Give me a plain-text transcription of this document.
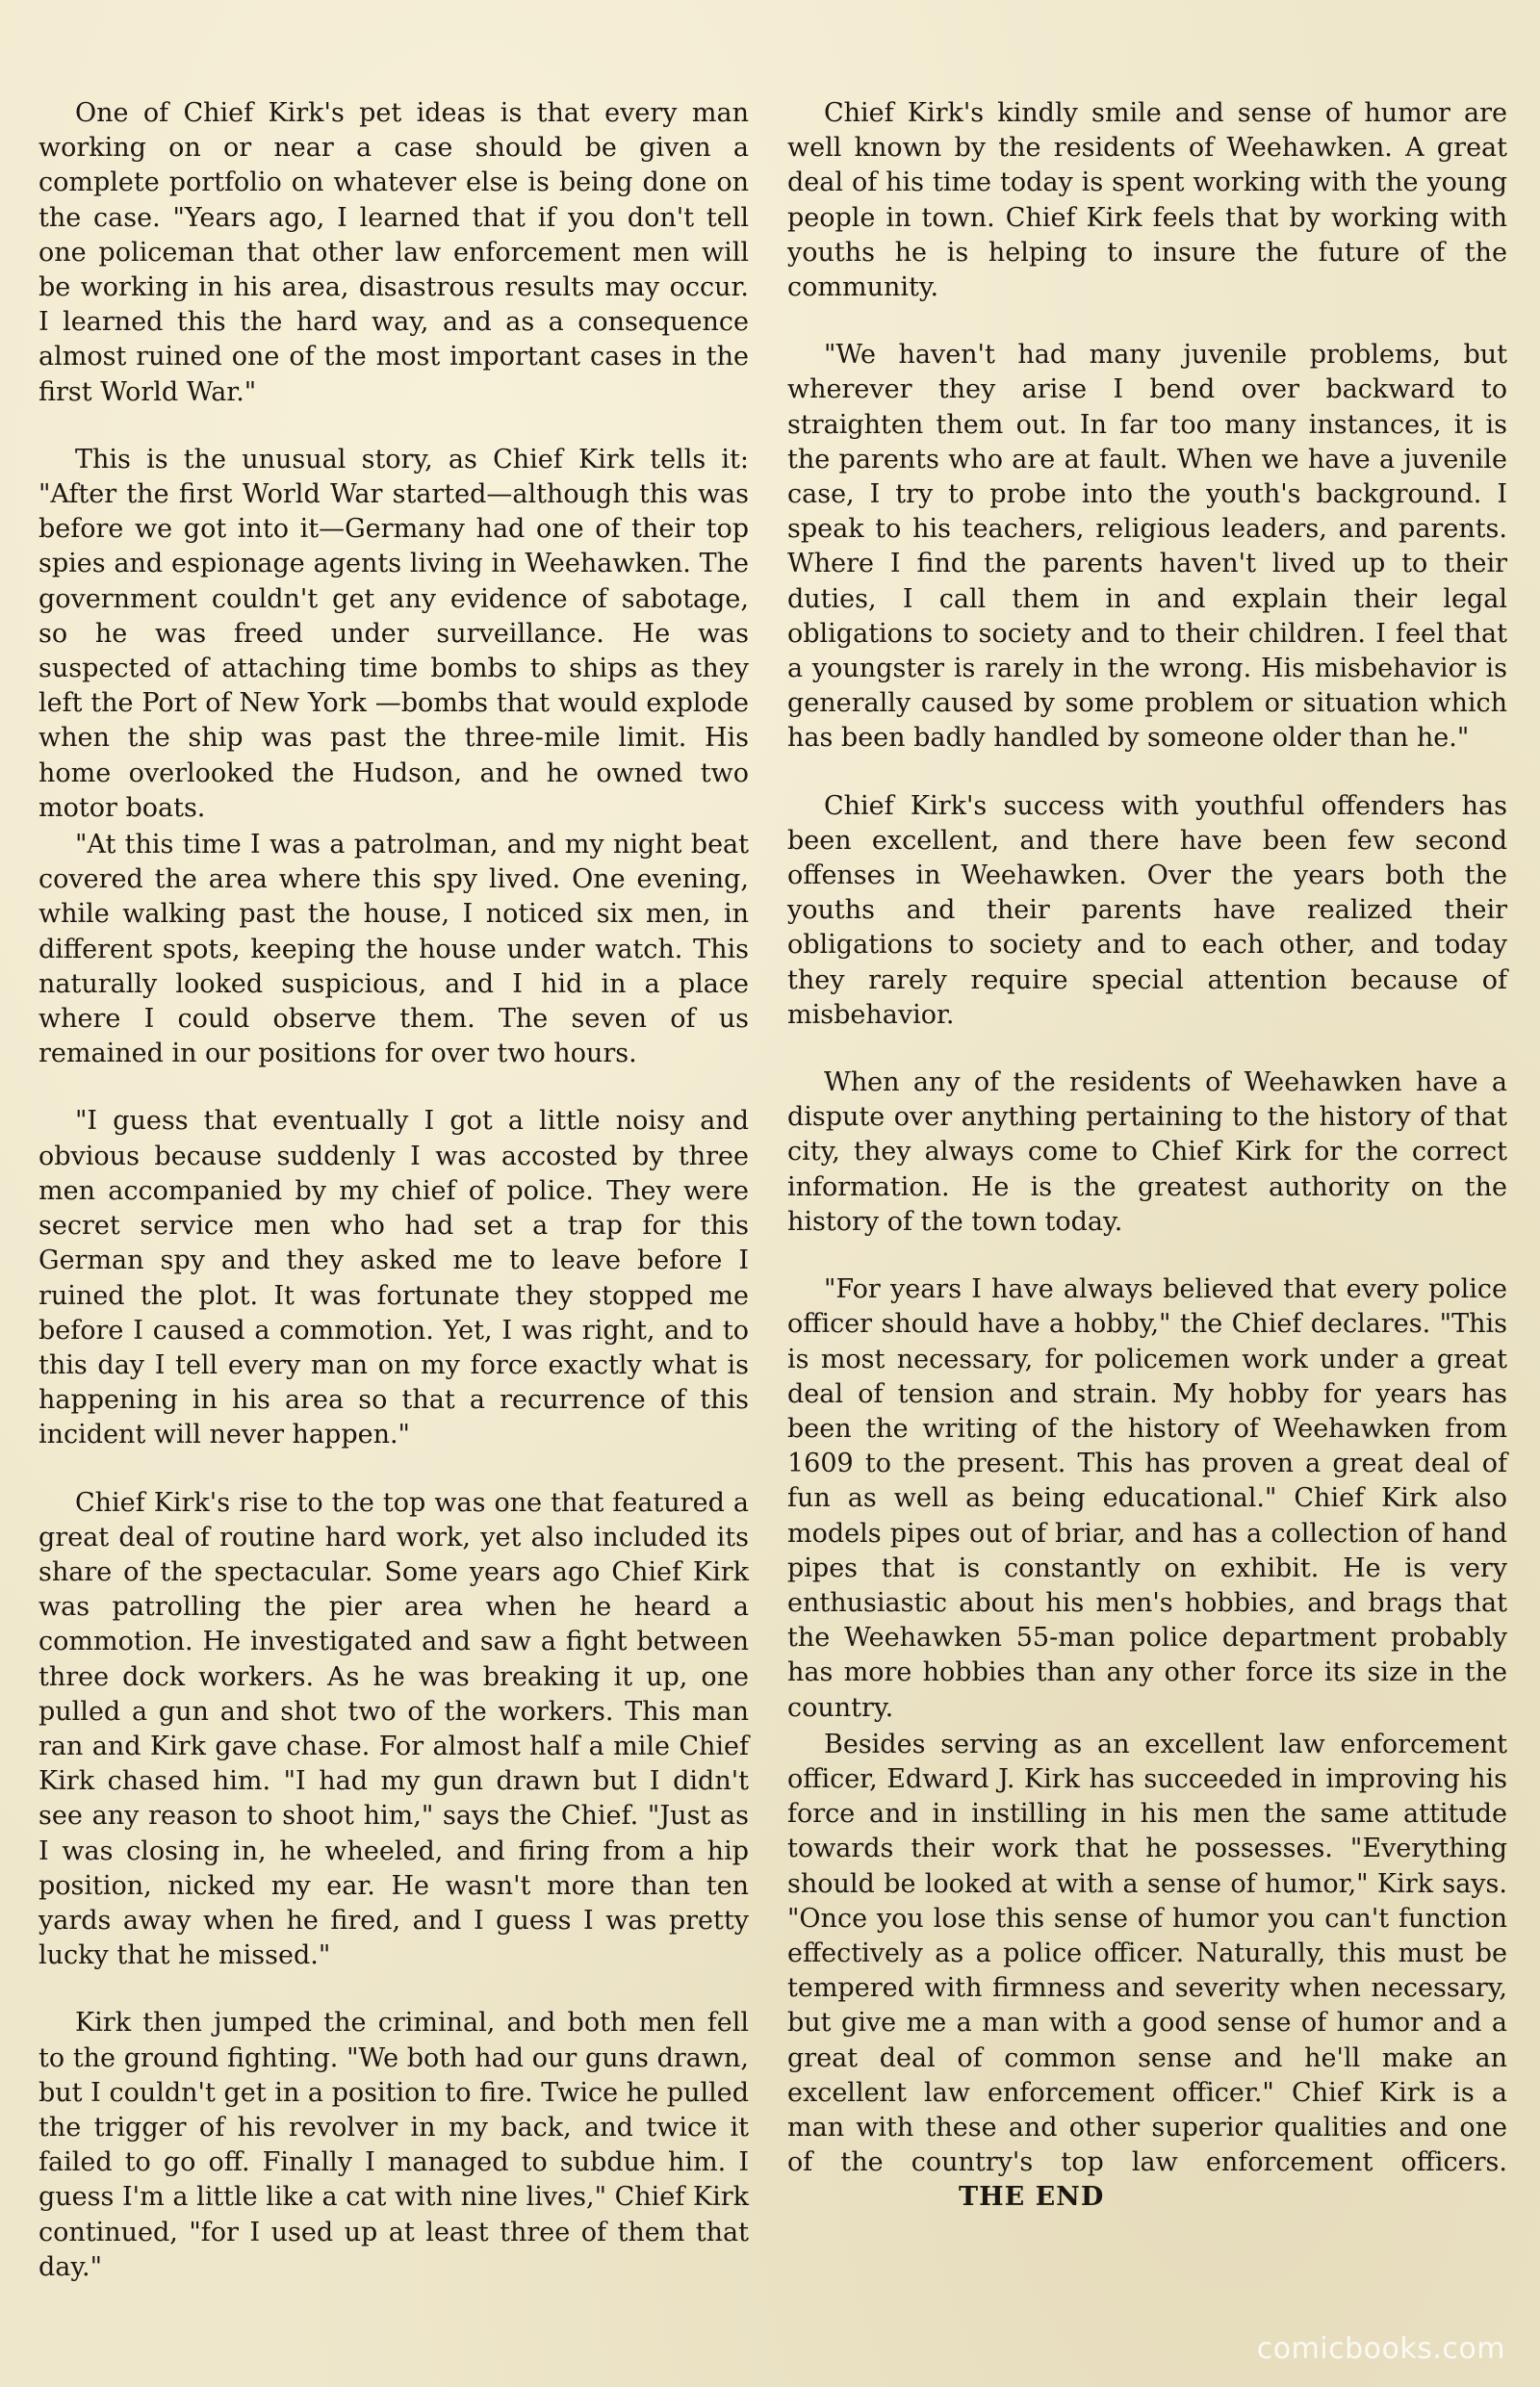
One of Chief Kirk's pet ideas is that every man working on or near a case should be given a complete portfolio on whatever else is being done on the case. "Years ago, I learned that if you don't tell one policeman that other law enforcement men will be working in his area, disastrous results may occur. I learned this the hard way, and as a consequence almost ruined one of the most important cases in the first World War."

This is the unusual story, as Chief Kirk tells it: "After the first World War started—although this was before we got into it—Germany had one of their top spies and espionage agents living in Weehawken. The government couldn't get any evidence of sabotage, so he was freed under surveillance. He was suspected of attaching time bombs to ships as they left the Port of New York —bombs that would explode when the ship was past the three-mile limit. His home overlooked the Hudson, and he owned two motor boats.

"At this time I was a patrolman, and my night beat covered the area where this spy lived. One evening, while walking past the house, I noticed six men, in different spots, keeping the house under watch. This naturally looked suspicious, and I hid in a place where I could observe them. The seven of us remained in our positions for over two hours.

"I guess that eventually I got a little noisy and obvious because suddenly I was accosted by three men accompanied by my chief of police. They were secret service men who had set a trap for this German spy and they asked me to leave before I ruined the plot. It was fortunate they stopped me before I caused a commotion. Yet, I was right, and to this day I tell every man on my force exactly what is happening in his area so that a recurrence of this incident will never happen."

Chief Kirk's rise to the top was one that featured a great deal of routine hard work, yet also included its share of the spectacular. Some years ago Chief Kirk was patrolling the pier area when he heard a commotion. He investigated and saw a fight between three dock workers. As he was breaking it up, one pulled a gun and shot two of the workers. This man ran and Kirk gave chase. For almost half a mile Chief Kirk chased him. "I had my gun drawn but I didn't see any reason to shoot him," says the Chief. "Just as I was closing in, he wheeled, and firing from a hip position, nicked my ear. He wasn't more than ten yards away when he fired, and I guess I was pretty lucky that he missed."

Kirk then jumped the criminal, and both men fell to the ground fighting. "We both had our guns drawn, but I couldn't get in a position to fire. Twice he pulled the trigger of his revolver in my back, and twice it failed to go off. Finally I managed to subdue him. I guess I'm a little like a cat with nine lives," Chief Kirk continued, "for I used up at least three of them that day."

Chief Kirk's kindly smile and sense of humor are well known by the residents of Weehawken. A great deal of his time today is spent working with the young people in town. Chief Kirk feels that by working with youths he is helping to insure the future of the community.

"We haven't had many juvenile problems, but wherever they arise I bend over backward to straighten them out. In far too many instances, it is the parents who are at fault. When we have a juvenile case, I try to probe into the youth's background. I speak to his teachers, religious leaders, and parents. Where I find the parents haven't lived up to their duties, I call them in and explain their legal obligations to society and to their children. I feel that a youngster is rarely in the wrong. His misbehavior is generally caused by some problem or situation which has been badly handled by someone older than he."

Chief Kirk's success with youthful offenders has been excellent, and there have been few second offenses in Weehawken. Over the years both the youths and their parents have realized their obligations to society and to each other, and today they rarely require special attention because of misbehavior.

When any of the residents of Weehawken have a dispute over anything pertaining to the history of that city, they always come to Chief Kirk for the correct information. He is the greatest authority on the history of the town today.

"For years I have always believed that every police officer should have a hobby," the Chief declares. "This is most necessary, for policemen work under a great deal of tension and strain. My hobby for years has been the writing of the history of Weehawken from 1609 to the present. This has proven a great deal of fun as well as being educational." Chief Kirk also models pipes out of briar, and has a collection of hand pipes that is constantly on exhibit. He is very enthusiastic about his men's hobbies, and brags that the Weehawken 55-man police department probably has more hobbies than any other force its size in the country.

Besides serving as an excellent law enforcement officer, Edward J. Kirk has succeeded in improving his force and in instilling in his men the same attitude towards their work that he possesses. "Everything should be looked at with a sense of humor," Kirk says. "Once you lose this sense of humor you can't function effectively as a police officer. Naturally, this must be tempered with firmness and severity when necessary, but give me a man with a good sense of humor and a great deal of common sense and he'll make an excellent law enforcement officer." Chief Kirk is a man with these and other superior qualities and one of the country's top law enforcement officers.THE END

comicbooks.com
